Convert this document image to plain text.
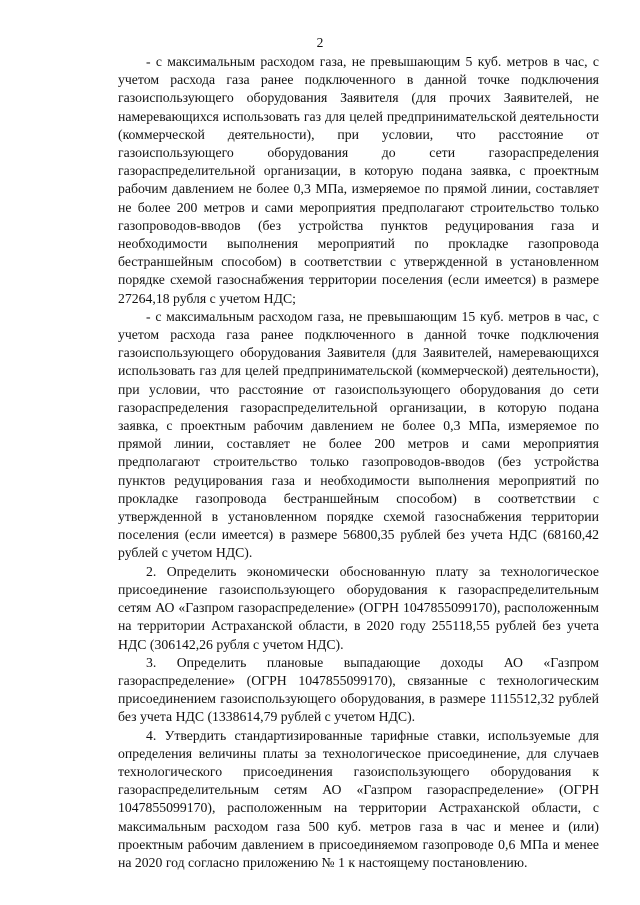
2

- с максимальным расходом газа, не превышающим 5 куб. метров в час, с учетом расхода газа ранее подключенного в данной точке подключения газоиспользующего оборудования Заявителя (для прочих Заявителей, не намеревающихся использовать газ для целей предпринимательской деятельности (коммерческой деятельности), при условии, что расстояние от газоиспользующего оборудования до сети газораспределения газораспределительной организации, в которую подана заявка, с проектным рабочим давлением не более 0,3 МПа, измеряемое по прямой линии, составляет не более 200 метров и сами мероприятия предполагают строительство только газопроводов-вводов (без устройства пунктов редуцирования газа и необходимости выполнения мероприятий по прокладке газопровода бестраншейным способом) в соответствии с утвержденной в установленном порядке схемой газоснабжения территории поселения (если имеется) в размере 27264,18 рубля с учетом НДС;

- с максимальным расходом газа, не превышающим 15 куб. метров в час, с учетом расхода газа ранее подключенного в данной точке подключения газоиспользующего оборудования Заявителя (для Заявителей, намеревающихся использовать газ для целей предпринимательской (коммерческой) деятельности), при условии, что расстояние от газоиспользующего оборудования до сети газораспределения газораспределительной организации, в которую подана заявка, с проектным рабочим давлением не более 0,3 МПа, измеряемое по прямой линии, составляет не более 200 метров и сами мероприятия предполагают строительство только газопроводов-вводов (без устройства пунктов редуцирования газа и необходимости выполнения мероприятий по прокладке газопровода бестраншейным способом) в соответствии с утвержденной в установленном порядке схемой газоснабжения территории поселения (если имеется) в размере 56800,35 рублей без учета НДС (68160,42 рублей с учетом НДС).

2. Определить экономически обоснованную плату за технологическое присоединение газоиспользующего оборудования к газораспределительным сетям АО «Газпром газораспределение» (ОГРН 1047855099170), расположенным на территории Астраханской области, в 2020 году 255118,55 рублей без учета НДС (306142,26 рубля с учетом НДС).

3. Определить плановые выпадающие доходы АО «Газпром газораспределение» (ОГРН 1047855099170), связанные с технологическим присоединением газоиспользующего оборудования, в размере 1115512,32 рублей без учета НДС (1338614,79 рублей с учетом НДС).

4. Утвердить стандартизированные тарифные ставки, используемые для определения величины платы за технологическое присоединение, для случаев технологического присоединения газоиспользующего оборудования к газораспределительным сетям АО «Газпром газораспределение» (ОГРН 1047855099170), расположенным на территории Астраханской области, с максимальным расходом газа 500 куб. метров газа в час и менее и (или) проектным рабочим давлением в присоединяемом газопроводе 0,6 МПа и менее на 2020 год согласно приложению № 1 к настоящему постановлению.
